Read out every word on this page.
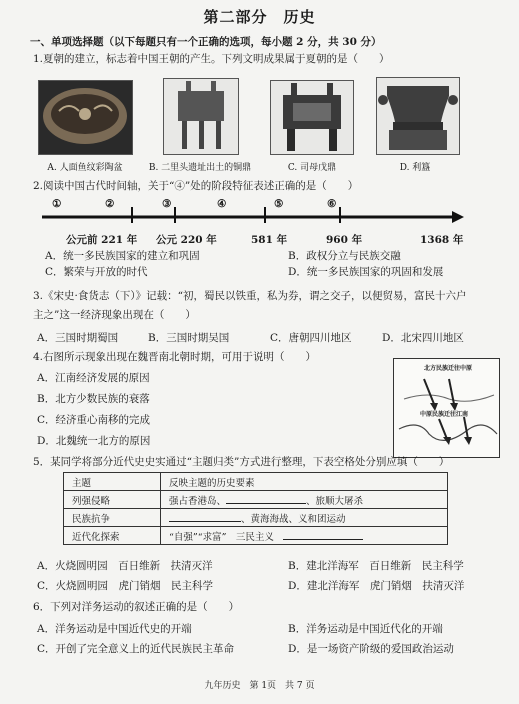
第二部分　历史
一、单项选择题（以下每题只有一个正确的选项，每小题 2 分，共 30 分）
1.夏朝的建立，标志着中国王朝的产生。下列文明成果属于夏朝的是（　　）
A. 人面鱼纹彩陶盆	B. 二里头遗址出土的铜鼎	C. 司母戊鼎	D. 利簋
2.阅读中国古代时间轴，关于“④”处的阶段特征表述正确的是（　　）
①	②	③	④	⑤	⑥
公元前 221 年 公元 220 年	581 年	960 年	1368 年
A．统一多民族国家的建立和巩固	B．政权分立与民族交融
C．繁荣与开放的时代	D．统一多民族国家的巩固和发展
3.《宋史·食货志（下）》记载：“初，蜀民以铁重，私为券，谓之交子，以便贸易，富民十六户
主之”这一经济现象出现在（　　）
A．三国时期蜀国	B．三国时期吴国	C．唐朝四川地区	D．北宋四川地区
4.右图所示现象出现在魏晋南北朝时期，可用于说明（　　）
A．江南经济发展的原因
B．北方少数民族的衰落
C．经济重心南移的完成
D．北魏统一北方的原因
北方民族迁往中原
中原民族迁往江南
5．某同学将部分近代史史实通过“主题归类”方式进行整理，下表空格处分别应填（　　）
主题	反映主题的历史要素
列强侵略	强占香港岛、 、旅顺大屠杀
民族抗争	、黄海海战、义和团运动
近代化探索	“自强”“求富”　三民主义　
A．火烧圆明园　百日维新　扶清灭洋	B．建北洋海军　百日维新　民主科学
C．火烧圆明园　虎门销烟　民主科学	D．建北洋海军　虎门销烟　扶清灭洋
6．下列对洋务运动的叙述正确的是（　　）
A．洋务运动是中国近代史的开端	B．洋务运动是中国近代化的开端
C．开创了完全意义上的近代民族民主革命	D．是一场资产阶级的爱国政治运动
九年历史　第 1页　共 7 页
